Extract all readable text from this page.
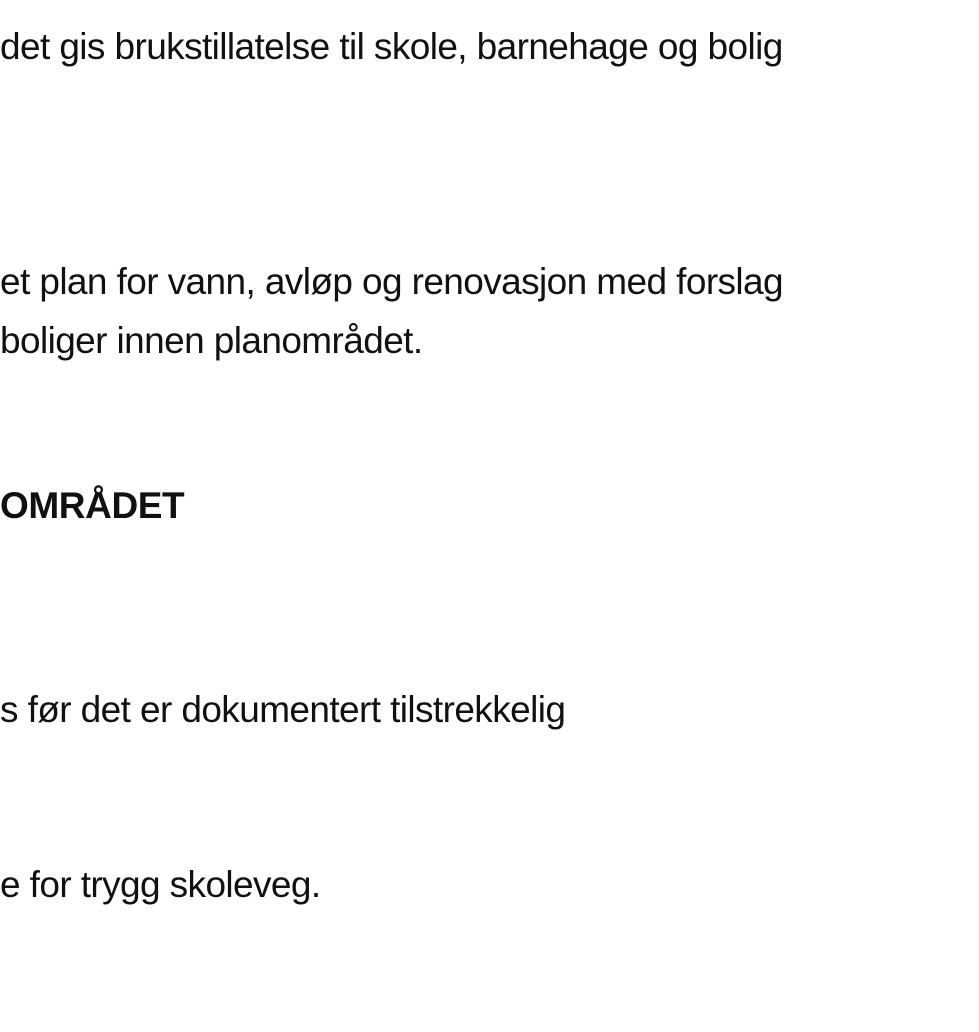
det gis brukstillatelse til skole, barnehage og bolig
et plan for vann, avløp og renovasjon med forslag
boliger innen planområdet.
OMRÅDET
s før det er dokumentert tilstrekkelig
e for trygg skoleveg.
